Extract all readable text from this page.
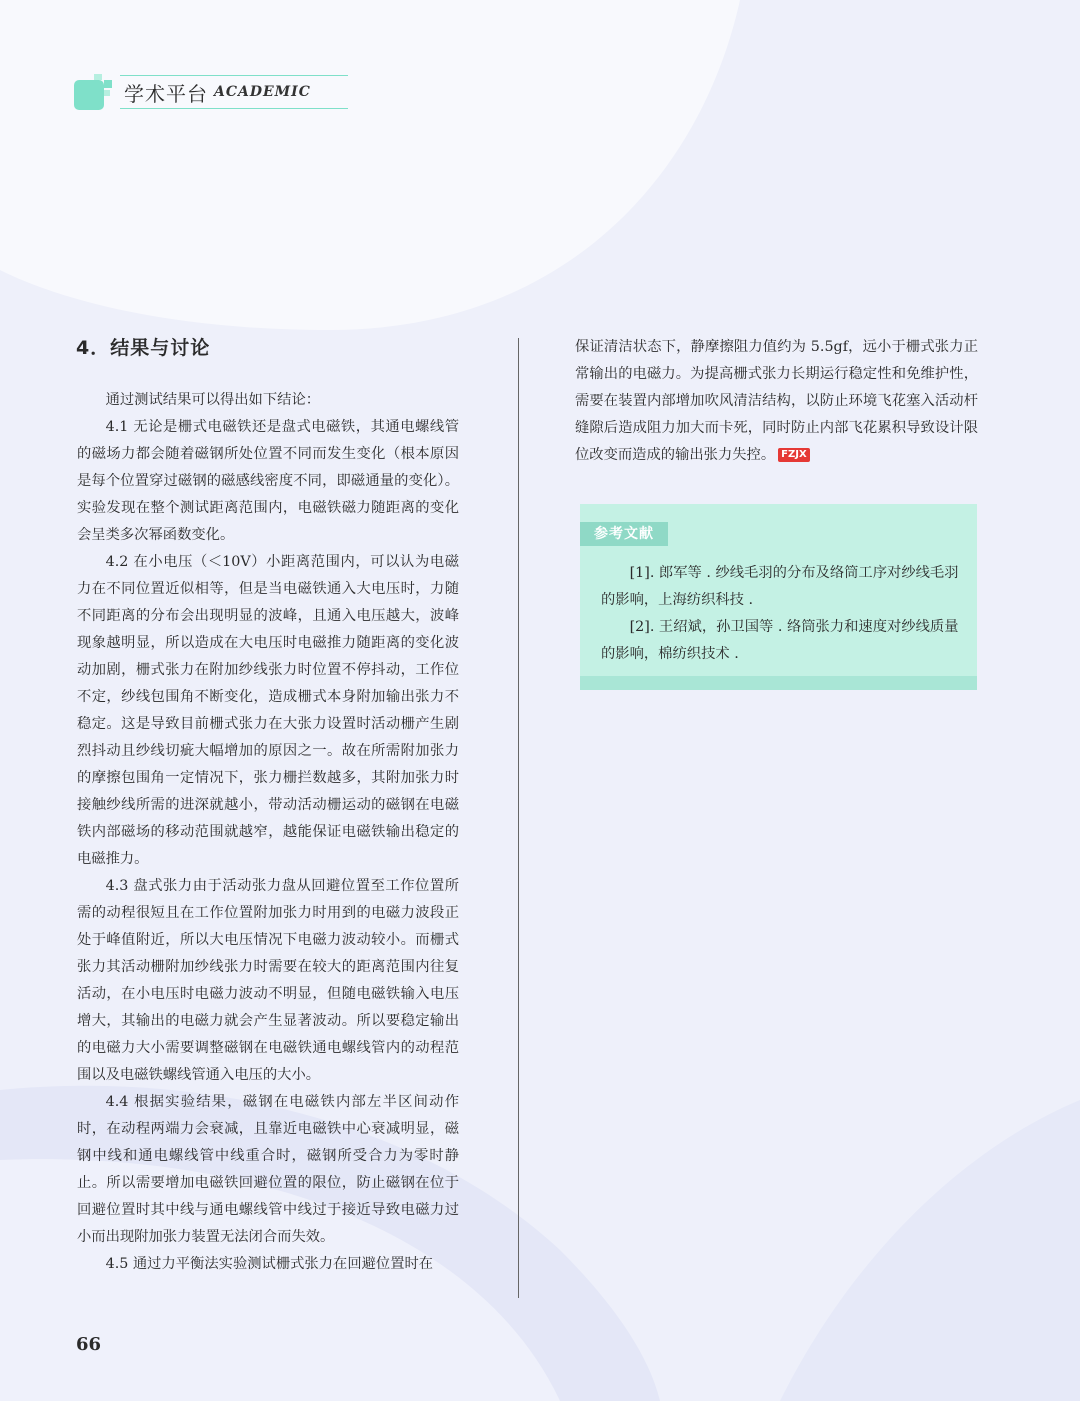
学术平台 ACADEMIC
4．结果与讨论

通过测试结果可以得出如下结论：

4.1 无论是栅式电磁铁还是盘式电磁铁，其通电螺线管的磁场力都会随着磁钢所处位置不同而发生变化（根本原因是每个位置穿过磁钢的磁感线密度不同，即磁通量的变化）。实验发现在整个测试距离范围内，电磁铁磁力随距离的变化会呈类多次幂函数变化。

4.2 在小电压（＜10V）小距离范围内，可以认为电磁力在不同位置近似相等，但是当电磁铁通入大电压时，力随不同距离的分布会出现明显的波峰，且通入电压越大，波峰现象越明显，所以造成在大电压时电磁推力随距离的变化波动加剧，栅式张力在附加纱线张力时位置不停抖动，工作位不定，纱线包围角不断变化，造成栅式本身附加输出张力不稳定。这是导致目前栅式张力在大张力设置时活动栅产生剧烈抖动且纱线切疵大幅增加的原因之一。故在所需附加张力的摩擦包围角一定情况下，张力栅拦数越多，其附加张力时接触纱线所需的进深就越小，带动活动栅运动的磁钢在电磁铁内部磁场的移动范围就越窄，越能保证电磁铁输出稳定的电磁推力。

4.3 盘式张力由于活动张力盘从回避位置至工作位置所需的动程很短且在工作位置附加张力时用到的电磁力波段正处于峰值附近，所以大电压情况下电磁力波动较小。而栅式张力其活动栅附加纱线张力时需要在较大的距离范围内往复活动，在小电压时电磁力波动不明显，但随电磁铁输入电压增大，其输出的电磁力就会产生显著波动。所以要稳定输出的电磁力大小需要调整磁钢在电磁铁通电螺线管内的动程范围以及电磁铁螺线管通入电压的大小。

4.4 根据实验结果，磁钢在电磁铁内部左半区间动作时，在动程两端力会衰减，且靠近电磁铁中心衰减明显，磁钢中线和通电螺线管中线重合时，磁钢所受合力为零时静止。所以需要增加电磁铁回避位置的限位，防止磁钢在位于回避位置时其中线与通电螺线管中线过于接近导致电磁力过小而出现附加张力装置无法闭合而失效。

4.5 通过力平衡法实验测试栅式张力在回避位置时在

保证清洁状态下，静摩擦阻力值约为 5.5gf，远小于栅式张力正常输出的电磁力。为提高栅式张力长期运行稳定性和免维护性，需要在装置内部增加吹风清洁结构，以防止环境飞花塞入活动杆缝隙后造成阻力加大而卡死，同时防止内部飞花累积导致设计限位改变而造成的输出张力失控。 FZJX

参考文献

[1]. 郎军等 . 纱线毛羽的分布及络筒工序对纱线毛羽的影响，上海纺织科技 .

[2]. 王绍斌，孙卫国等 . 络筒张力和速度对纱线质量的影响，棉纺织技术 .

66
